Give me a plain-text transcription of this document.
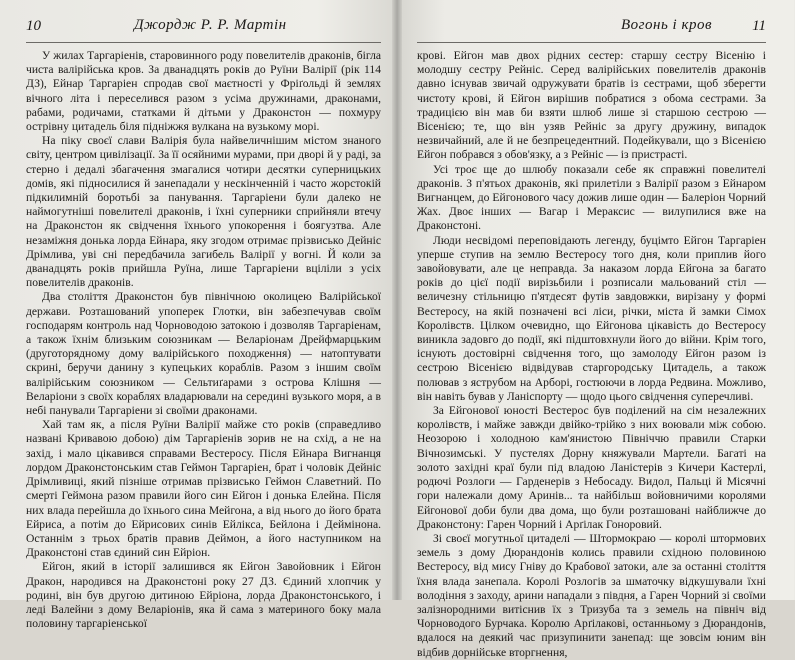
10	Джордж Р. Р. Мартін

У жилах Таргаріенів, старовинного роду повелителів драконів, бігла чиста валірійська кров. За дванадцять років до Руїни Валірії (рік 114 ДЗ), Ейнар Таргаріен спродав свої маєтності у Фріґольді й землях вічного літа і переселився разом з усіма дружинами, драконами, рабами, родичами, статками й дітьми у Драконстон — похмуру острівну цитадель біля підніжжя вулкана на вузькому морі.

На піку своєї слави Валірія була найвеличнішим містом знаного світу, центром цивілізації. За її осяйними мурами, при дворі й у раді, за стерно і дедалі збагачення змагалися чотири десятки суперницьких домів, які підносилися й занепадали у нескінченній і часто жорстокій підкилимній боротьбі за панування. Таргаріени були далеко не наймогутніші повелителі драконів, і їхні суперники сприйняли втечу на Драконстон як свідчення їхнього упокорення і боягузтва. Але незаміжня донька лорда Ейнара, яку згодом отримає прізвисько Дейніс Дрімлива, уві сні передбачила загибель Валірії у вогні. Й коли за дванадцять років прийшла Руїна, лише Таргаріени вціліли з усіх повелителів драконів.

Два століття Драконстон був північною околицею Валірійської держави. Розташований упоперек Глотки, він забезпечував своїм господарям контроль над Чорноводою затокою і дозволяв Таргаріенам, а також їхнім близьким союзникам — Веларіонам Дрейфмарцьким (друготорядному дому валірійського походження) — натоптувати скрині, беручи данину з купецьких кораблів. Разом з іншим своїм валірійським союзником — Сельтиґарами з острова Клішня — Веларіони з своїх кораблях владарювали на середині вузького моря, а в небі панували Таргаріени зі своїми драконами.

Хай там як, а після Руїни Валірії майже сто років (справедливо названі Кривавою добою) дім Таргаріенів зорив не на схід, а не на захід, і мало цікавився справами Вестеросу. Після Ейнара Вигнанця лордом Драконстонським став Геймон Таргаріен, брат і чоловік Дейніс Дрімливиці, який пізніше отримав прізвисько Геймон Славетний. По смерті Геймона разом правили його син Ейгон і донька Елейна. Після них влада перейшла до їхнього сина Мейгона, а від нього до його брата Ейриса, а потім до Ейрисових синів Ейлікса, Бейлона і Деймінона. Останнім з трьох братів правив Деймон, а його наступником на Драконстоні став єдиний син Ейріон.

Ейгон, який в історії залишився як Ейгон Завойовник і Ейгон Дракон, народився на Драконстоні року 27 ДЗ. Єдиний хлопчик у родині, він був другою дитиною Ейріона, лорда Драконстонського, і леді Валейни з дому Веларіонів, яка й сама з материного боку мала половину таргаріенської

Вогонь і кров	11

крові. Ейгон мав двох рідних сестер: старшу сестру Вісенію і молодшу сестру Рейніс. Серед валірійських повелителів драконів давно існував звичай одружувати братів із сестрами, щоб зберегти чистоту крові, й Ейгон вирішив побратися з обома сестрами. За традицією він мав би взяти шлюб лише зі старшою сестрою — Вісенією; те, що він узяв Рейніс за другу дружину, випадок незвичайний, але й не безпрецедентний. Подейкували, що з Вісенією Ейгон побрався з обов'язку, а з Рейніс — із пристрасті.

Усі троє ще до шлюбу показали себе як справжні повелителі драконів. З п'ятьох драконів, які прилетіли з Валірії разом з Ейнаром Вигнанцем, до Ейгонового часу дожив лише один — Балеріон Чорний Жах. Двоє інших — Вагар і Мераксис — вилупилися вже на Драконстоні.

Люди несвідомі переповідають легенду, буцімто Ейгон Таргаріен уперше ступив на землю Вестеросу того дня, коли приплив його завойовувати, але це неправда. За наказом лорда Ейгона за багато років до цієї події вирізьбили і розписали мальований стіл — величезну стільницю п'ятдесят футів завдовжки, вирізану у формі Вестеросу, на якій позначені всі ліси, річки, міста й замки Сімох Королівств. Цілком очевидно, що Ейгонова цікавість до Вестеросу виникла задовго до події, які підштовхнули його до війни. Крім того, існують достовірні свідчення того, що замолоду Ейгон разом із сестрою Вісенією відвідував старгородську Цитадель, а також полював з яструбом на Арборі, гостюючи в лорда Редвина. Можливо, він навіть бував у Ланіспорту — щодо цього свідчення суперечливі.

За Ейгонової юності Вестерос був поділений на сім незалежних королівств, і майже завжди двійко-трійко з них воювали між собою. Неозорою і холодною кам'янистою Північчю правили Старки Вічнозимські. У пустелях Дорну княжували Мартели. Багаті на золото західні краї були під владою Ланістерів з Кичери Кастерлі, родючі Розлоги — Гарденерів з Небосаду. Видол, Пальці й Місячні гори належали дому Аринів... та найбільш войовничими королями Ейгонової доби були два дома, що були розташовані найближче до Драконстону: Гарен Чорний і Арґілак Гоноровий.

Зі своєї могутньої цитаделі — Штормокраю — королі штормових земель з дому Дюрандонів колись правили східною половиною Вестеросу, від мису Гніву до Крабової затоки, але за останні століття їхня влада занепала. Королі Розлогів за шматочку відкушували їхні володіння з заходу, арини нападали з півдня, а Гарен Чорний зі своїми залізнородними витіснив їх з Тризуба та з земель на північ від Чорноводого Бурчака. Королю Арґілакові, останньому з Дюрандонів, вдалося на деякий час призупинити занепад: ще зовсім юним він відбив дорнійське вторгнення,
